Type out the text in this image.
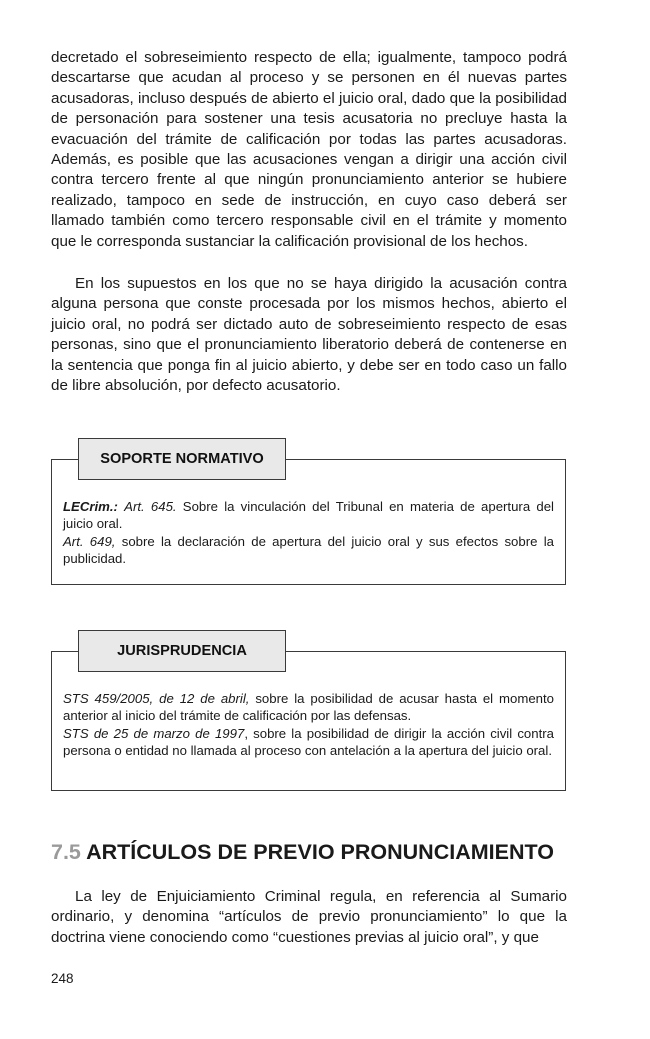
decretado el sobreseimiento respecto de ella; igualmente, tampoco podrá descartarse que acudan al proceso y se personen en él nuevas partes acusadoras, incluso después de abierto el juicio oral, dado que la posibilidad de personación para sostener una tesis acusatoria no precluye hasta la evacuación del trámite de calificación por todas las partes acusadoras. Además, es posible que las acusaciones vengan a dirigir una acción civil contra tercero frente al que ningún pronunciamiento anterior se hubiere realizado, tampoco en sede de instrucción, en cuyo caso deberá ser llamado también como tercero responsable civil en el trámite y momento que le corresponda sustanciar la calificación provisional de los hechos.

En los supuestos en los que no se haya dirigido la acusación contra alguna persona que conste procesada por los mismos hechos, abierto el juicio oral, no podrá ser dictado auto de sobreseimiento respecto de esas personas, sino que el pronunciamiento liberatorio deberá de contenerse en la sentencia que ponga fin al juicio abierto, y debe ser en todo caso un fallo de libre absolución, por defecto acusatorio.

LECrim.: Art. 645. Sobre la vinculación del Tribunal en materia de apertura del juicio oral.

Art. 649, sobre la declaración de apertura del juicio oral y sus efectos sobre la publicidad.

SOPORTE NORMATIVO

STS 459/2005, de 12 de abril, sobre la posibilidad de acusar hasta el momento anterior al inicio del trámite de calificación por las defensas.

STS de 25 de marzo de 1997, sobre la posibilidad de dirigir la acción civil contra persona o entidad no llamada al proceso con antelación a la apertura del juicio oral.

JURISPRUDENCIA
7.5 ARTÍCULOS DE PREVIO PRONUNCIAMIENTO

La ley de Enjuiciamiento Criminal regula, en referencia al Sumario ordinario, y denomina “artículos de previo pronunciamiento” lo que la doctrina viene conociendo como “cuestiones previas al juicio oral”, y que

248
